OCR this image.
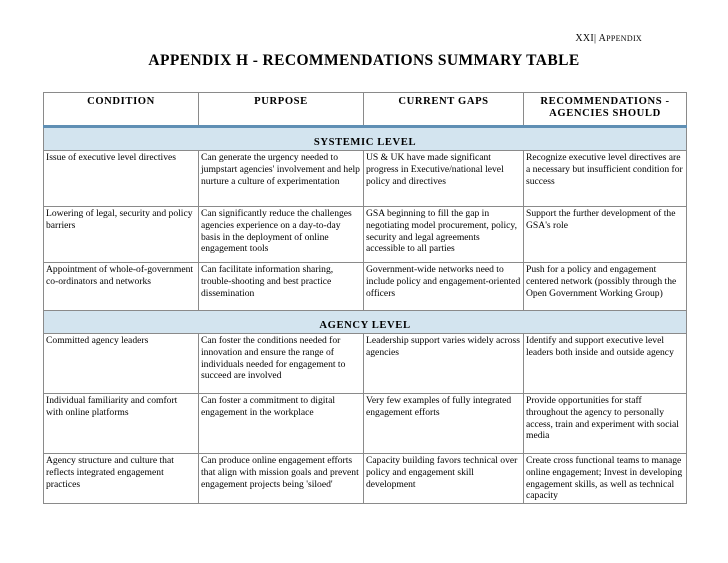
XXI| APPENDIX
APPENDIX H - RECOMMENDATIONS SUMMARY TABLE
CONDITION	PURPOSE	CURRENT GAPS	RECOMMENDATIONS - AGENCIES SHOULD
SYSTEMIC LEVEL			
Issue of executive level directives	Can generate the urgency needed to jumpstart agencies' involvement and help nurture a culture of experimentation	US & UK have made significant progress in Executive/national level policy and directives	Recognize executive level directives are a necessary but insufficient condition for success
Lowering of legal, security and policy barriers	Can significantly reduce the challenges agencies experience on a day-to-day basis in the deployment of online engagement tools	GSA beginning to fill the gap in negotiating model procurement, policy, security and legal agreements accessible to all parties	Support the further development of the GSA's role
Appointment of whole-of-government co-ordinators and networks	Can facilitate information sharing, trouble-shooting and best practice dissemination	Government-wide networks need to include policy and engagement-oriented officers	Push for a policy and engagement centered network (possibly through the Open Government Working Group)
AGENCY LEVEL			
Committed agency leaders	Can foster the conditions needed for innovation and ensure the range of individuals needed for engagement to succeed are involved	Leadership support varies widely across agencies	Identify and support executive level leaders both inside and outside agency
Individual familiarity and comfort with online platforms	Can foster a commitment to digital engagement in the workplace	Very few examples of fully integrated engagement efforts	Provide opportunities for staff throughout the agency to personally access, train and experiment with social media
Agency structure and culture that reflects integrated engagement practices	Can produce online engagement efforts that align with mission goals and prevent engagement projects being 'siloed'	Capacity building favors technical over policy and engagement skill development	Create cross functional teams to manage online engagement; Invest in developing engagement skills, as well as technical capacity
